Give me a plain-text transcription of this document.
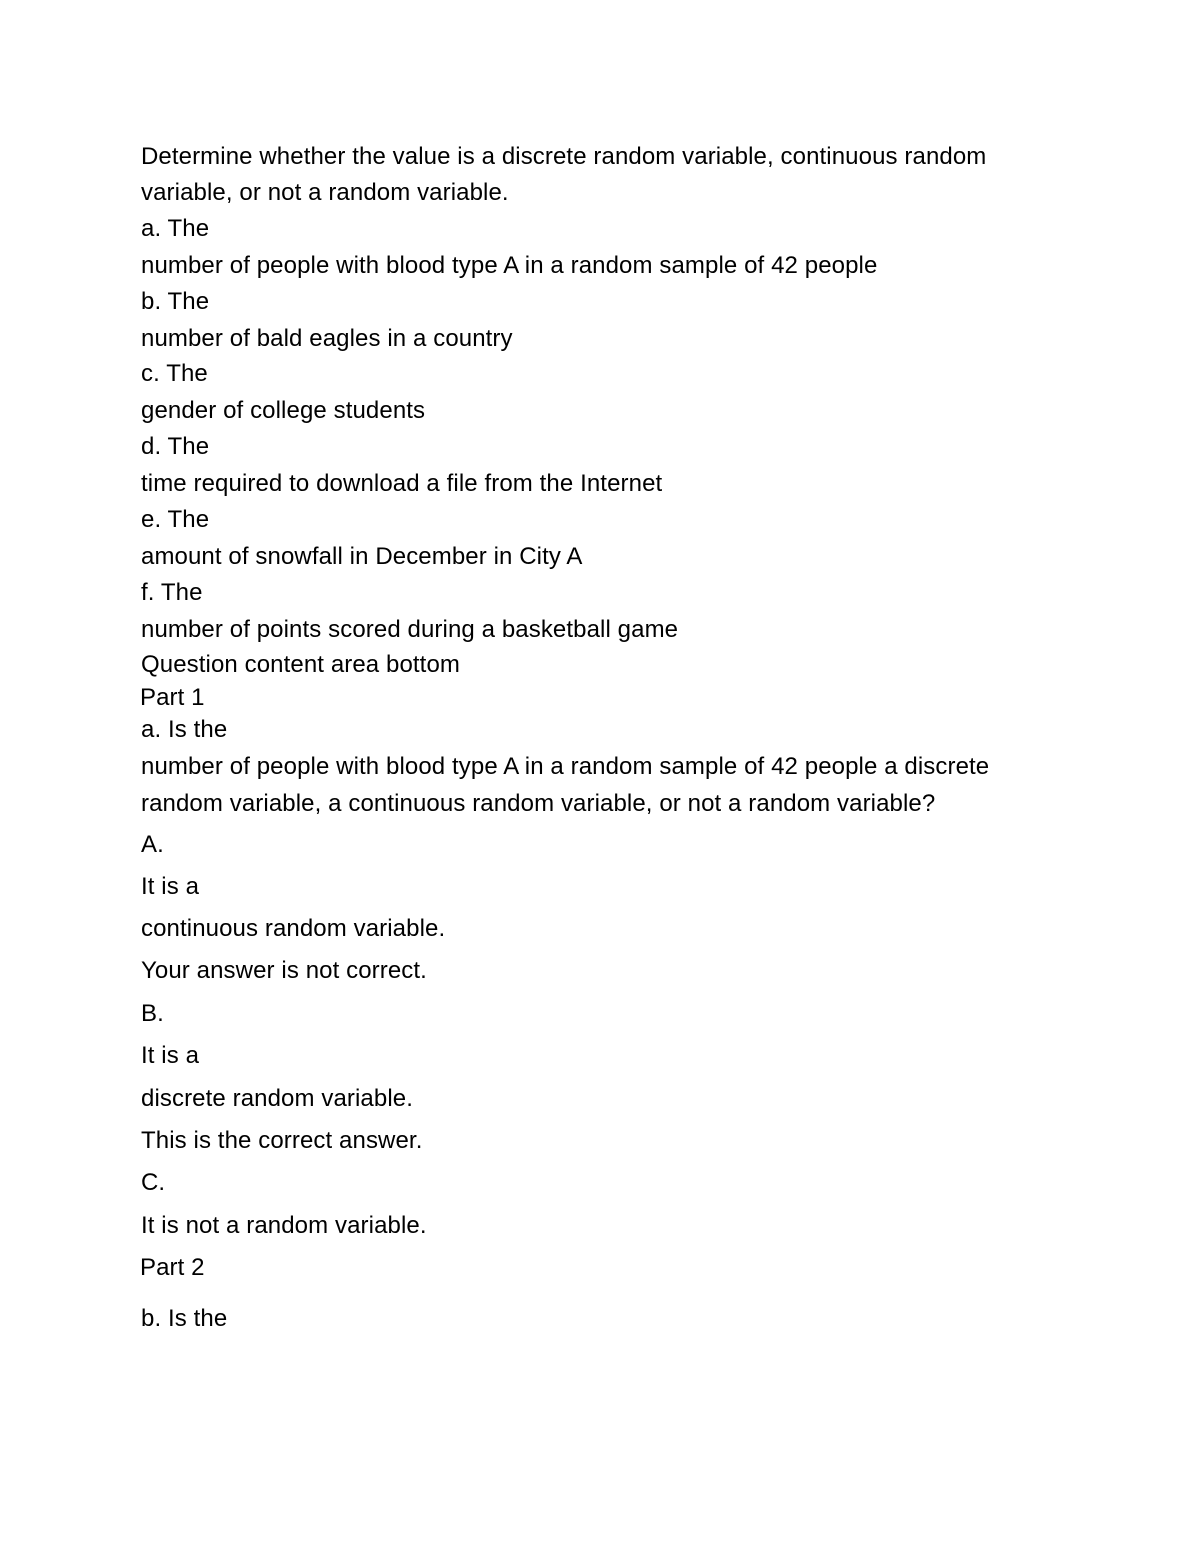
Determine whether the value is a discrete random variable, continuous random
variable, or not a random variable.
a. The
number of people with blood type A in a random sample of 42 people
b. The
number of bald eagles in a country
c. The
gender of college students
d. The
time required to download a file from the Internet
e. The
amount of snowfall in December in City A
f. The
number of points scored during a basketball game
Question content area bottom
Part 1
a. Is the
number of people with blood type A in a random sample of 42 people a discrete
random variable, a continuous random variable, or not a random variable?
A.
It is a
continuous random variable.
Your answer is not correct.
B.
It is a
discrete random variable.
This is the correct answer.
C.
It is not a random variable.
Part 2
b. Is the
